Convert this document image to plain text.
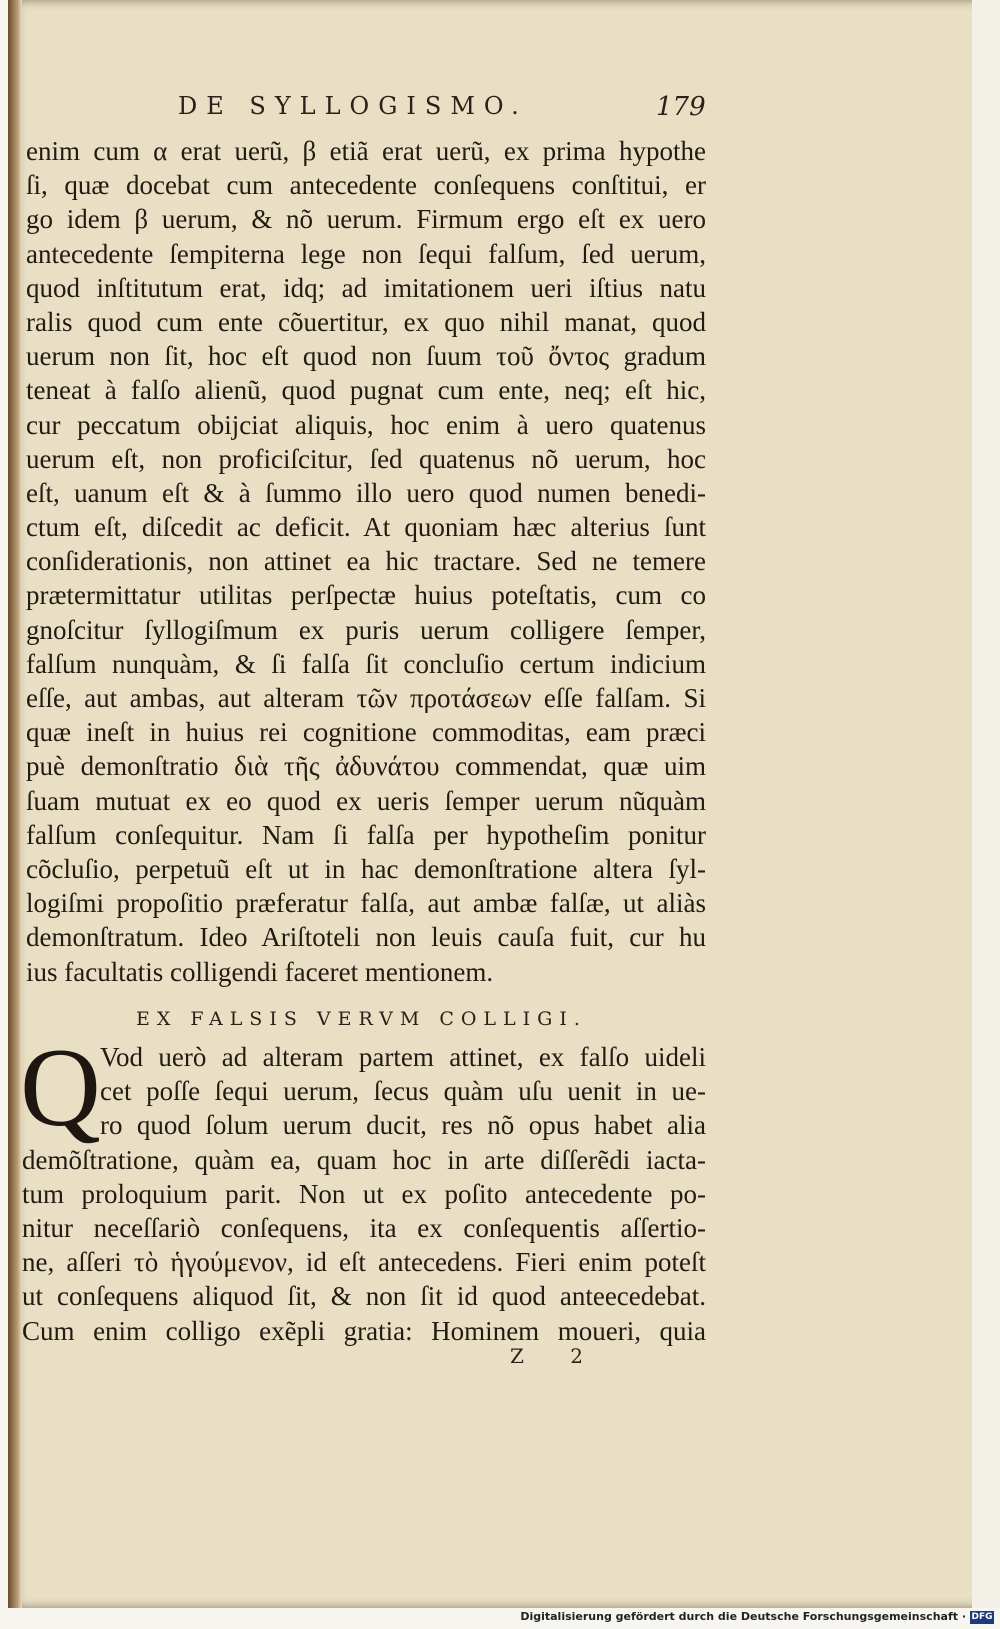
DE SYLLOGISMO.	179
enim cum α erat uerũ, β etiã erat uerũ, ex prima hypothe
ſi, quæ docebat cum antecedente conſequens conſtitui, er
go idem β uerum, & nõ uerum. Firmum ergo eſt ex uero
antecedente ſempiterna lege non ſequi falſum, ſed uerum,
quod inſtitutum erat, idq; ad imitationem ueri iſtius natu
ralis quod cum ente cõuertitur, ex quo nihil manat, quod
uerum non ſit, hoc eſt quod non ſuum τοῦ ὄντος gradum
teneat à falſo alienũ, quod pugnat cum ente, neq; eſt hic,
cur peccatum obijciat aliquis, hoc enim à uero quatenus
uerum eſt, non proficiſcitur, ſed quatenus nõ uerum, hoc
eſt, uanum eſt & à ſummo illo uero quod numen benedi-
ctum eſt, diſcedit ac deficit. At quoniam hæc alterius ſunt
conſiderationis, non attinet ea hic tractare. Sed ne temere
prætermittatur utilitas perſpectæ huius poteſtatis, cum co
gnoſcitur ſyllogiſmum ex puris uerum colligere ſemper,
falſum nunquàm, & ſi falſa ſit concluſio certum indicium
eſſe, aut ambas, aut alteram τῶν προτάσεων eſſe falſam. Si
quæ ineſt in huius rei cognitione commoditas, eam præci
puè demonſtratio διὰ τῆς ἀδυνάτου commendat, quæ uim
ſuam mutuat ex eo quod ex ueris ſemper uerum nũquàm
falſum conſequitur. Nam ſi falſa per hypotheſim ponitur
cõcluſio, perpetuũ eſt ut in hac demonſtratione altera ſyl-
logiſmi propoſitio præferatur falſa, aut ambæ falſæ, ut aliàs
demonſtratum. Ideo Ariſtoteli non leuis cauſa fuit, cur hu
ius facultatis colligendi faceret mentionem.
EX FALSIS VERVM COLLIGI.
Q Vod uerò ad alteram partem attinet, ex falſo uideli
cet poſſe ſequi uerum, ſecus quàm uſu uenit in ue-
ro quod ſolum uerum ducit, res nõ opus habet alia
demõſtratione, quàm ea, quam hoc in arte diſſerẽdi iacta-
tum proloquium parit. Non ut ex poſito antecedente po-
nitur neceſſariò conſequens, ita ex conſequentis aſſertio-
ne, aſſeri τὸ ἡγούμενον, id eſt antecedens. Fieri enim poteſt
ut conſequens aliquod ſit, & non ſit id quod anteecedebat.
Cum enim colligo exẽpli gratia: Hominem moueri, quia
Z 2
Digitalisierung gefördert durch die Deutsche Forschungsgemeinschaft · DFG
